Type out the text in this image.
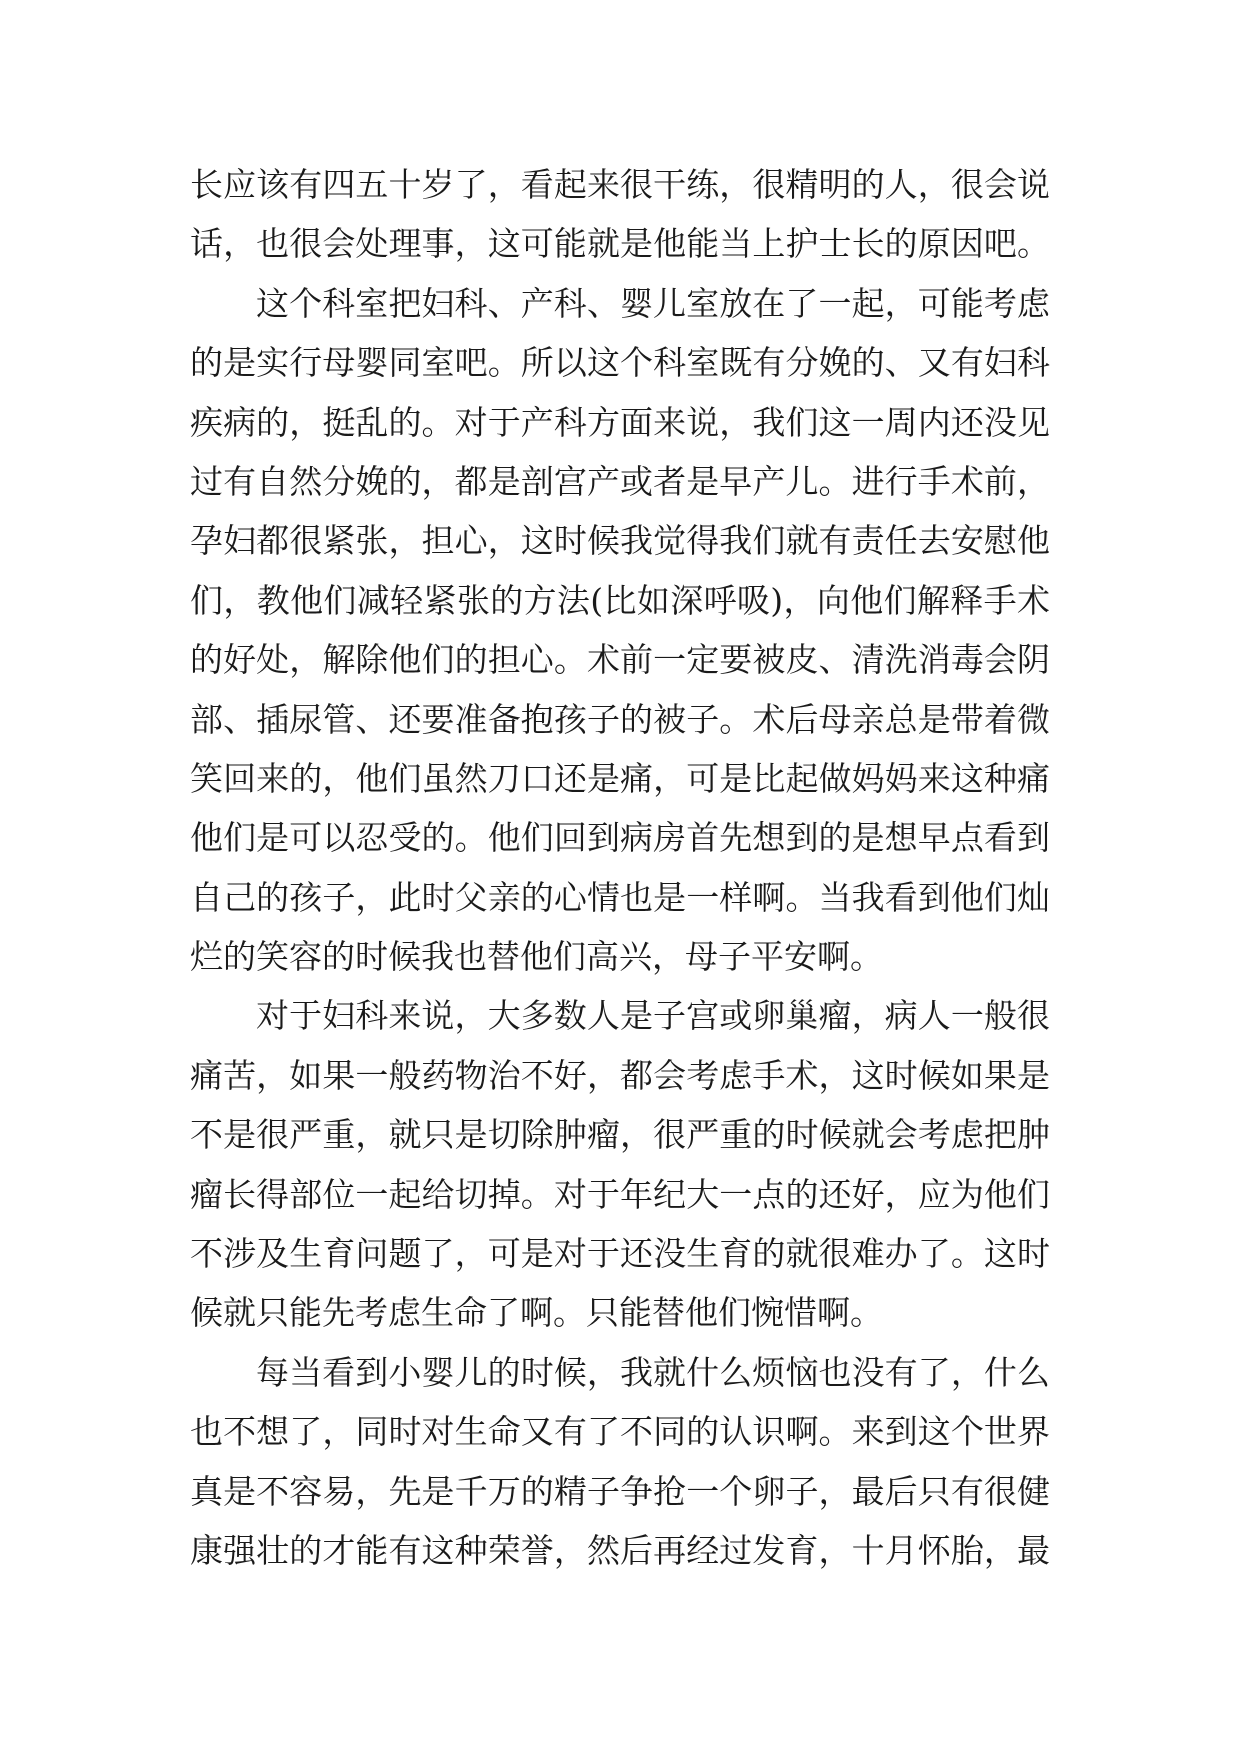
长应该有四五十岁了，看起来很干练，很精明的人，很会说
话，也很会处理事，这可能就是他能当上护士长的原因吧。
这个科室把妇科、产科、婴儿室放在了一起，可能考虑
的是实行母婴同室吧。所以这个科室既有分娩的、又有妇科
疾病的，挺乱的。对于产科方面来说，我们这一周内还没见
过有自然分娩的，都是剖宫产或者是早产儿。进行手术前，
孕妇都很紧张，担心，这时候我觉得我们就有责任去安慰他
们，教他们减轻紧张的方法(比如深呼吸)，向他们解释手术
的好处，解除他们的担心。术前一定要被皮、清洗消毒会阴
部、插尿管、还要准备抱孩子的被子。术后母亲总是带着微
笑回来的，他们虽然刀口还是痛，可是比起做妈妈来这种痛
他们是可以忍受的。他们回到病房首先想到的是想早点看到
自己的孩子，此时父亲的心情也是一样啊。当我看到他们灿
烂的笑容的时候我也替他们高兴，母子平安啊。
对于妇科来说，大多数人是子宫或卵巢瘤，病人一般很
痛苦，如果一般药物治不好，都会考虑手术，这时候如果是
不是很严重，就只是切除肿瘤，很严重的时候就会考虑把肿
瘤长得部位一起给切掉。对于年纪大一点的还好，应为他们
不涉及生育问题了，可是对于还没生育的就很难办了。这时
候就只能先考虑生命了啊。只能替他们惋惜啊。
每当看到小婴儿的时候，我就什么烦恼也没有了，什么
也不想了，同时对生命又有了不同的认识啊。来到这个世界
真是不容易，先是千万的精子争抢一个卵子，最后只有很健
康强壮的才能有这种荣誉，然后再经过发育，十月怀胎，最
